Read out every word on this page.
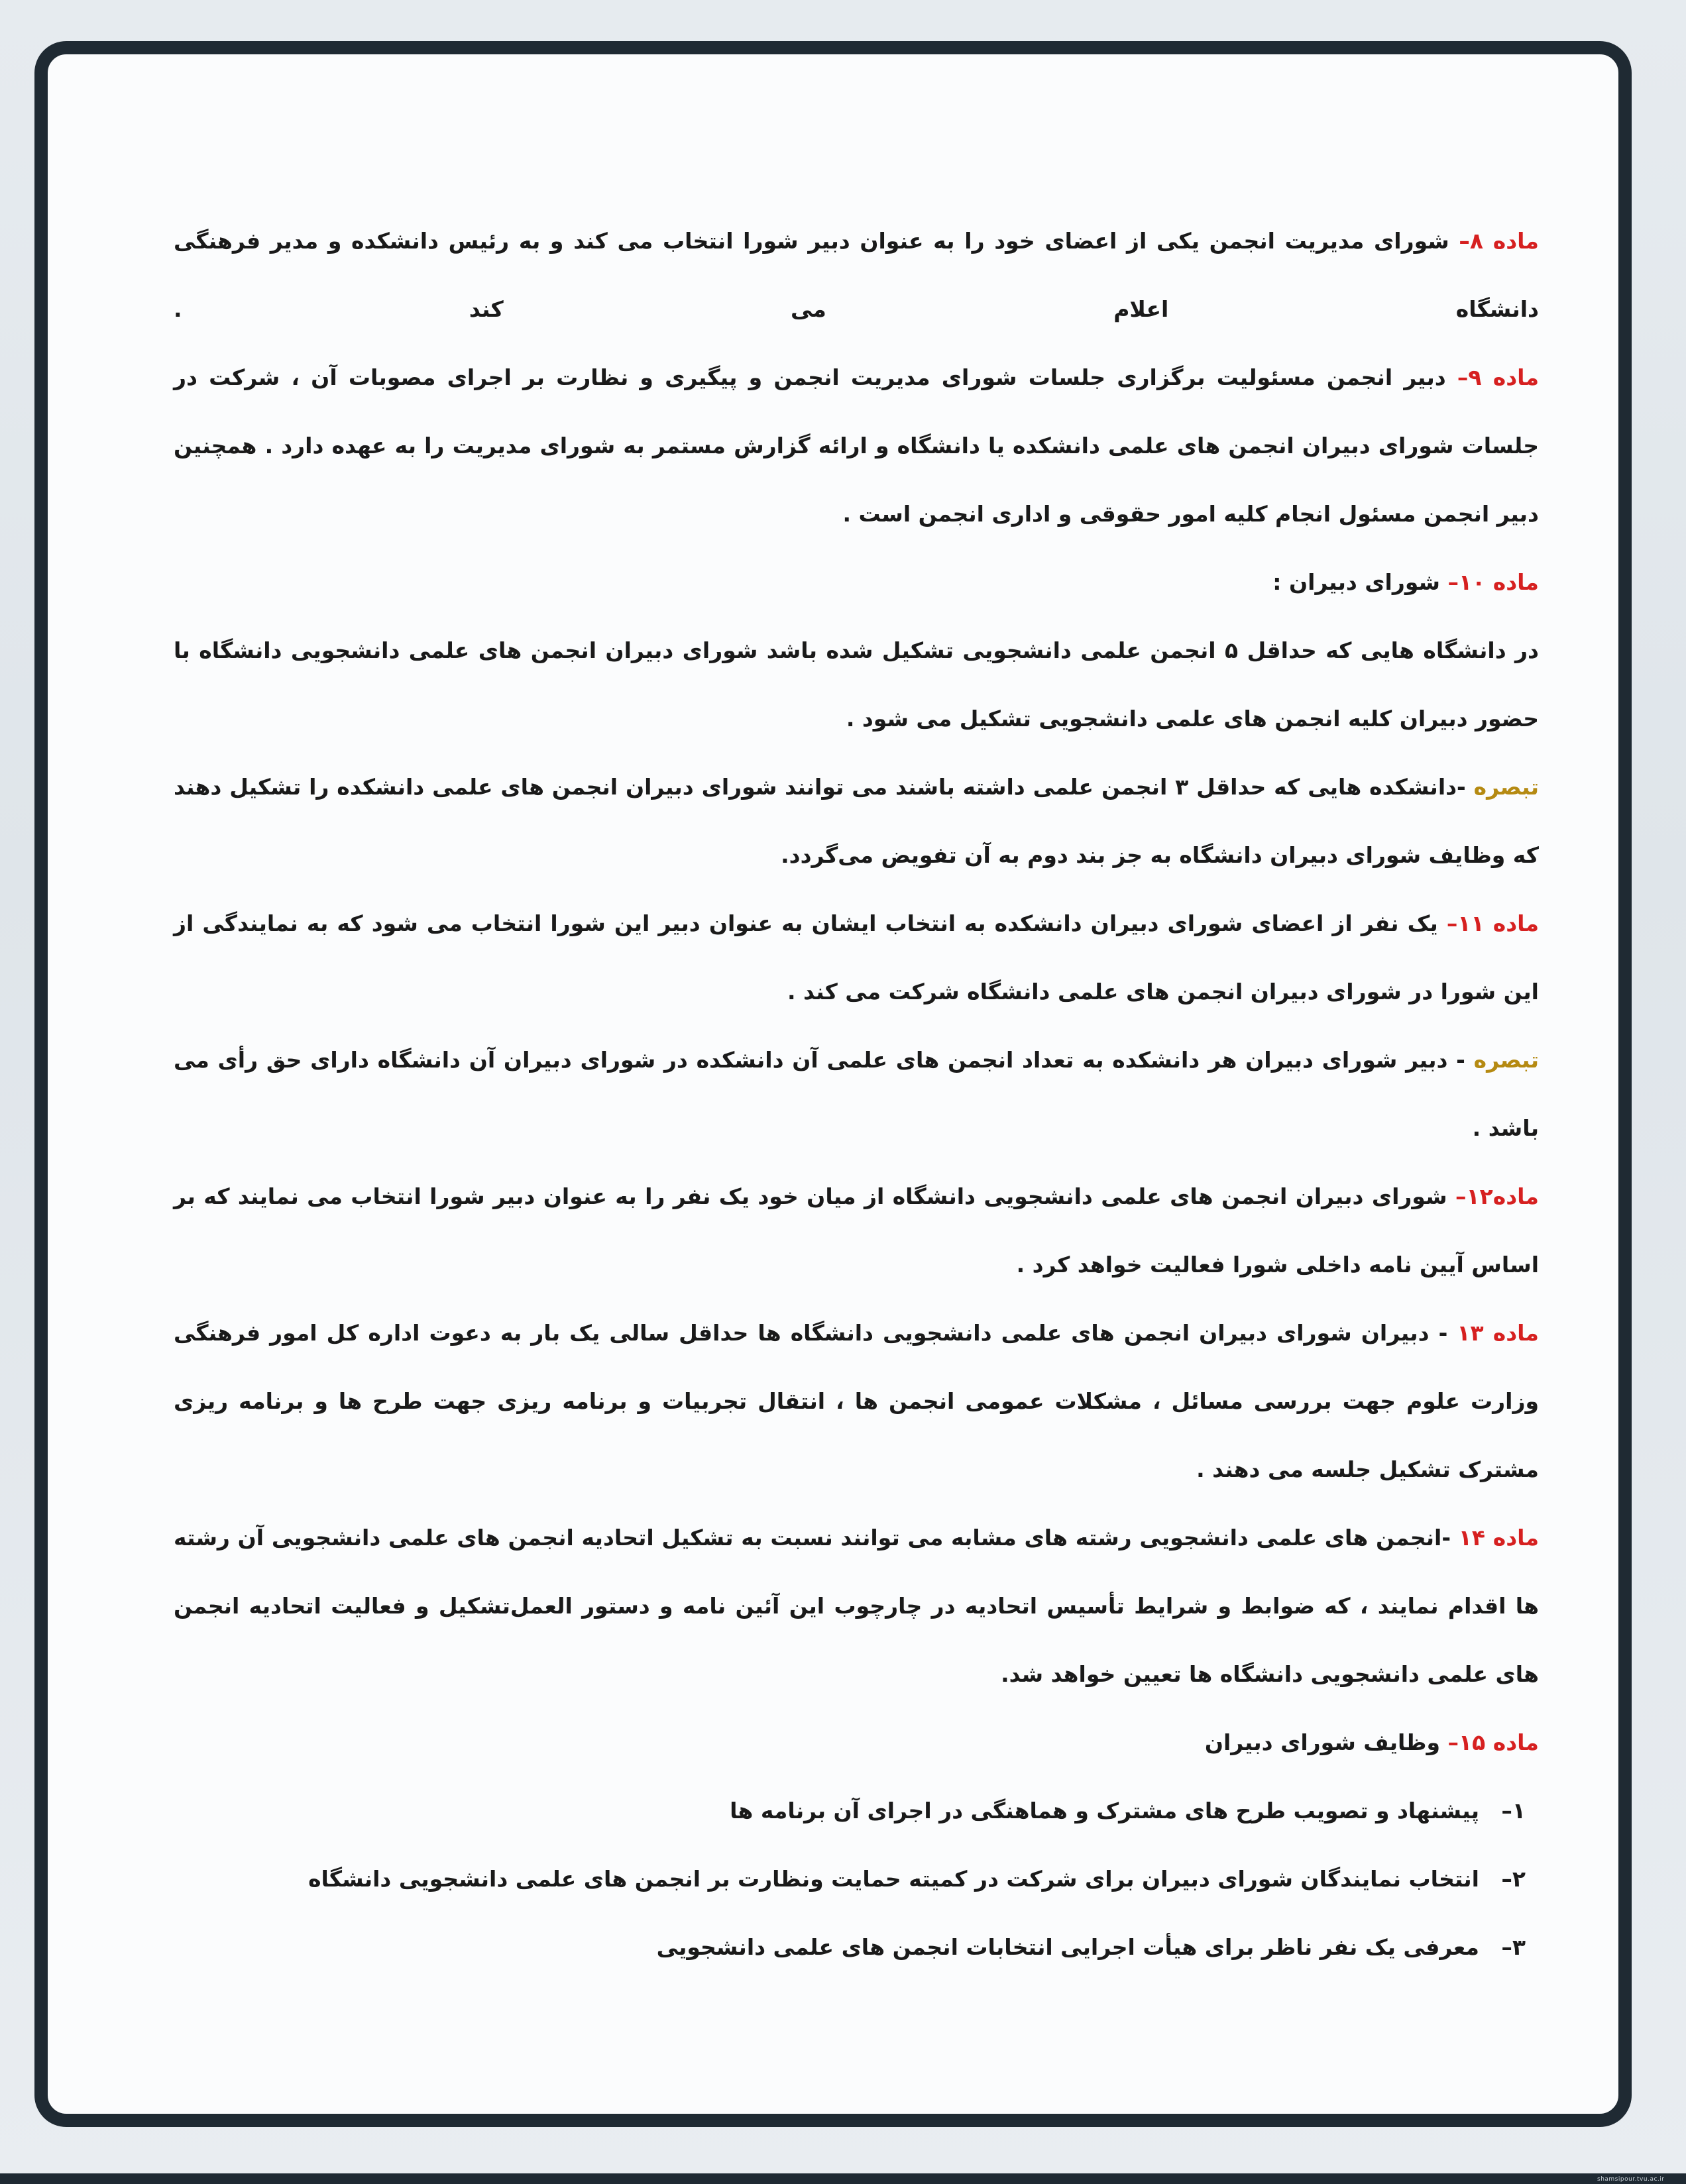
ماده ۸– شورای مدیریت انجمن یکی از اعضای خود را به عنوان دبیر شورا انتخاب می کند و به رئیس دانشکده و مدیر فرهنگی دانشگاه اعلام می کند .

ماده ۹– دبیر انجمن مسئولیت برگزاری جلسات شورای مدیریت انجمن و پیگیری و نظارت بر اجرای مصوبات آن ، شرکت در جلسات شورای دبیران انجمن های علمی دانشکده یا دانشگاه و ارائه گزارش مستمر به شورای مدیریت را به عهده دارد . همچنین دبیر انجمن مسئول انجام کلیه امور حقوقی و اداری انجمن است .

ماده ۱۰– شورای دبیران :

در دانشگاه هایی که حداقل ۵ انجمن علمی دانشجویی تشکیل شده باشد شورای دبیران انجمن های علمی دانشجویی دانشگاه با حضور دبیران کلیه انجمن های علمی دانشجویی تشکیل می شود .

تبصره -دانشکده هایی که حداقل ۳ انجمن علمی داشته باشند می توانند شورای دبیران انجمن های علمی دانشکده را تشکیل دهند که وظایف شورای دبیران دانشگاه به جز بند دوم به آن تفویض می‌گردد.

ماده ۱۱– یک نفر از اعضای شورای دبیران دانشکده به انتخاب ایشان به عنوان دبیر این شورا انتخاب می شود که به نمایندگی از این شورا در شورای دبیران انجمن های علمی دانشگاه شرکت می کند .

تبصره - دبیر شورای دبیران هر دانشکده به تعداد انجمن های علمی آن دانشکده در شورای دبیران آن دانشگاه دارای حق رأی می باشد .

ماده۱۲– شورای دبیران انجمن های علمی دانشجویی دانشگاه از میان خود یک نفر را به عنوان دبیر شورا انتخاب می نمایند که بر اساس آیین نامه داخلی شورا فعالیت خواهد کرد .

ماده ۱۳ - دبیران شورای دبیران انجمن های علمی دانشجویی دانشگاه ها حداقل سالی یک بار به دعوت اداره کل امور فرهنگی وزارت علوم جهت بررسی مسائل ، مشکلات عمومی انجمن ها ، انتقال تجربیات و برنامه ریزی جهت طرح ها و برنامه ریزی مشترک تشکیل جلسه می دهند .

ماده ۱۴ -انجمن های علمی دانشجویی رشته های مشابه می توانند نسبت به تشکیل اتحادیه انجمن های علمی دانشجویی آن رشته ها اقدام نمایند ، که ضوابط و شرایط تأسیس اتحادیه در چارچوب این آئین نامه و دستور العمل‌تشکیل و فعالیت اتحادیه انجمن های علمی دانشجویی دانشگاه ها تعیین خواهد شد.

ماده ۱۵– وظایف شورای دبیران

۱–
پیشنهاد و تصویب طرح های مشترک و هماهنگی در اجرای آن برنامه ها
۲–
انتخاب نمایندگان شورای دبیران برای شرکت در کمیته حمایت ونظارت بر انجمن های علمی دانشجویی دانشگاه
۳–
معرفی یک نفر ناظر برای هیأت اجرایی انتخابات انجمن های علمی دانشجویی
shamsipour.tvu.ac.ir
